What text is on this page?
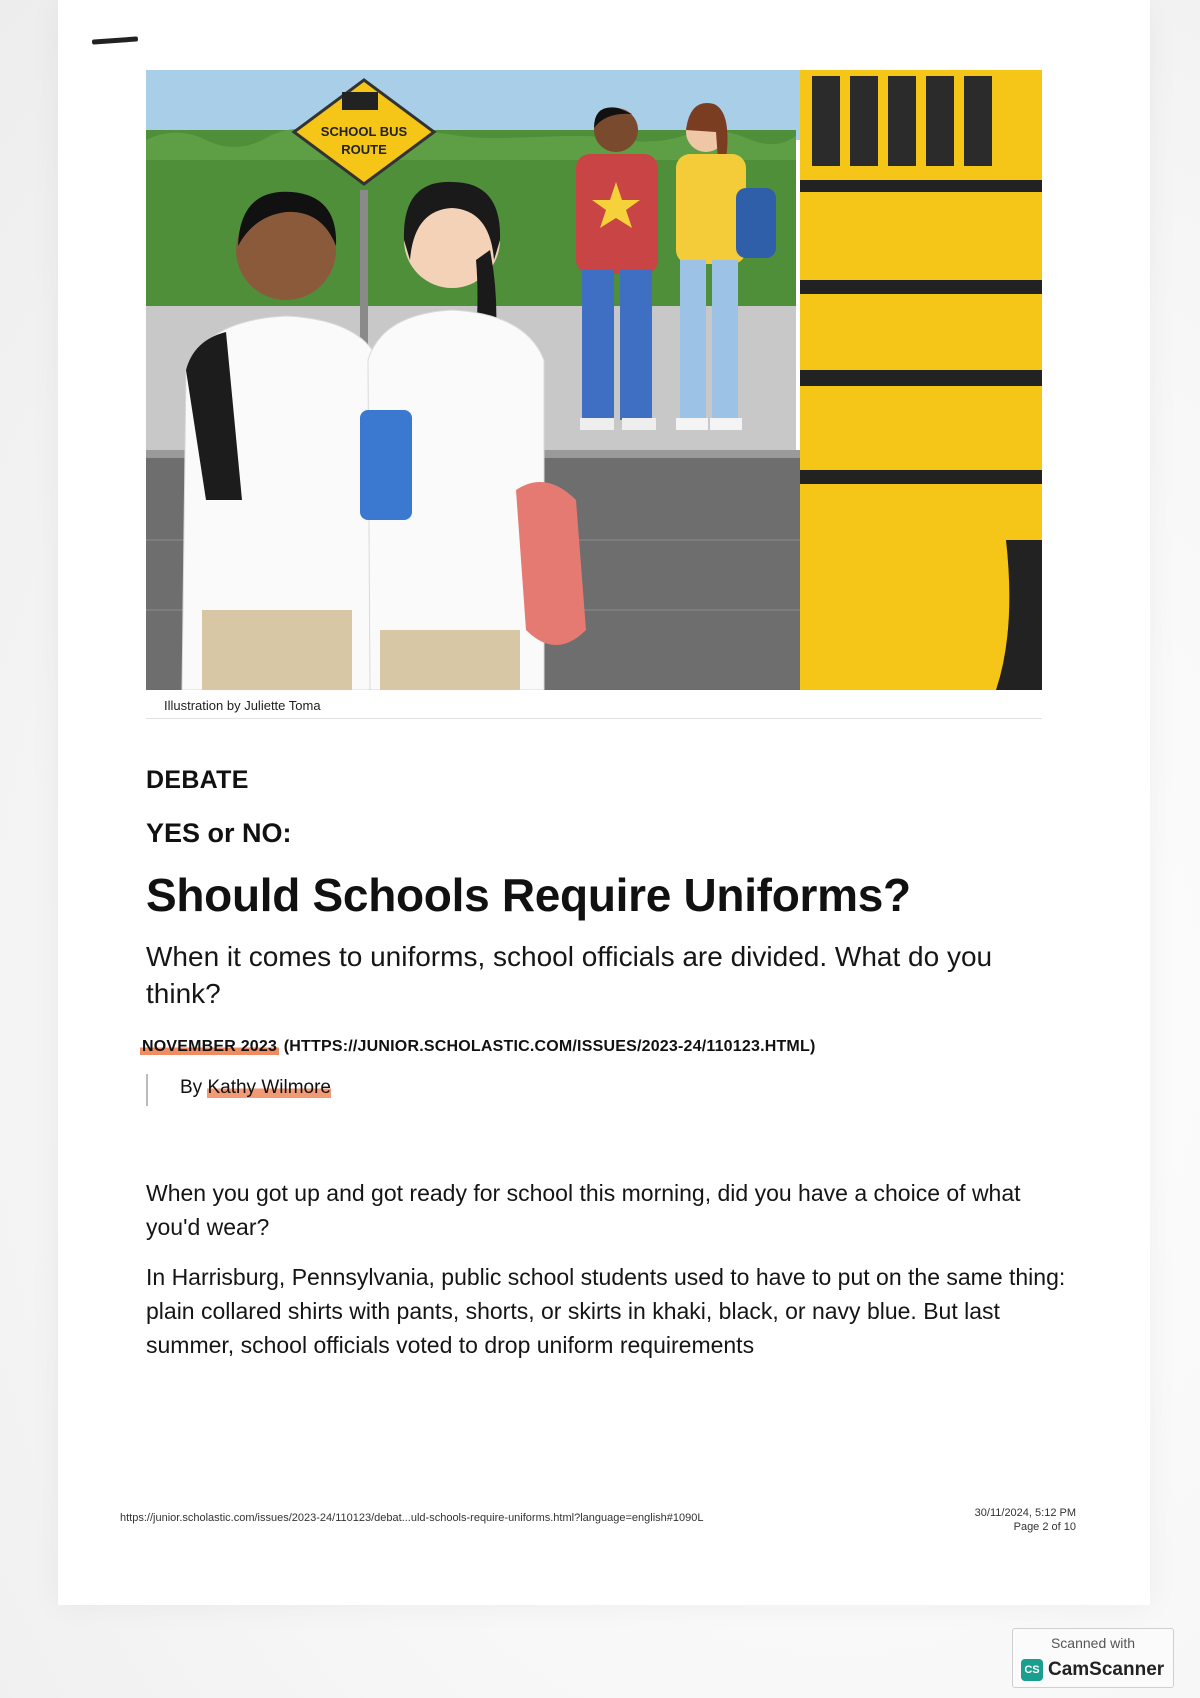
SCHOOL BUS
ROUTE
Illustration by Juliette Toma
DEBATE
YES or NO:
Should Schools Require Uniforms?
When it comes to uniforms, school officials are divided. What do you think?
NOVEMBER 2023 (HTTPS://JUNIOR.SCHOLASTIC.COM/ISSUES/2023-24/110123.HTML)
By Kathy Wilmore

When you got up and got ready for school this morning, did you have a choice of what you'd wear?

In Harrisburg, Pennsylvania, public school students used to have to put on the same thing: plain collared shirts with pants, shorts, or skirts in khaki, black, or navy blue. But last summer, school officials voted to drop uniform requirements

https://junior.scholastic.com/issues/2023-24/110123/debat...uld-schools-require-uniforms.html?language=english#1090L	30/11/2024, 5:12 PM
Page 2 of 10
Scanned with
CS CamScanner
